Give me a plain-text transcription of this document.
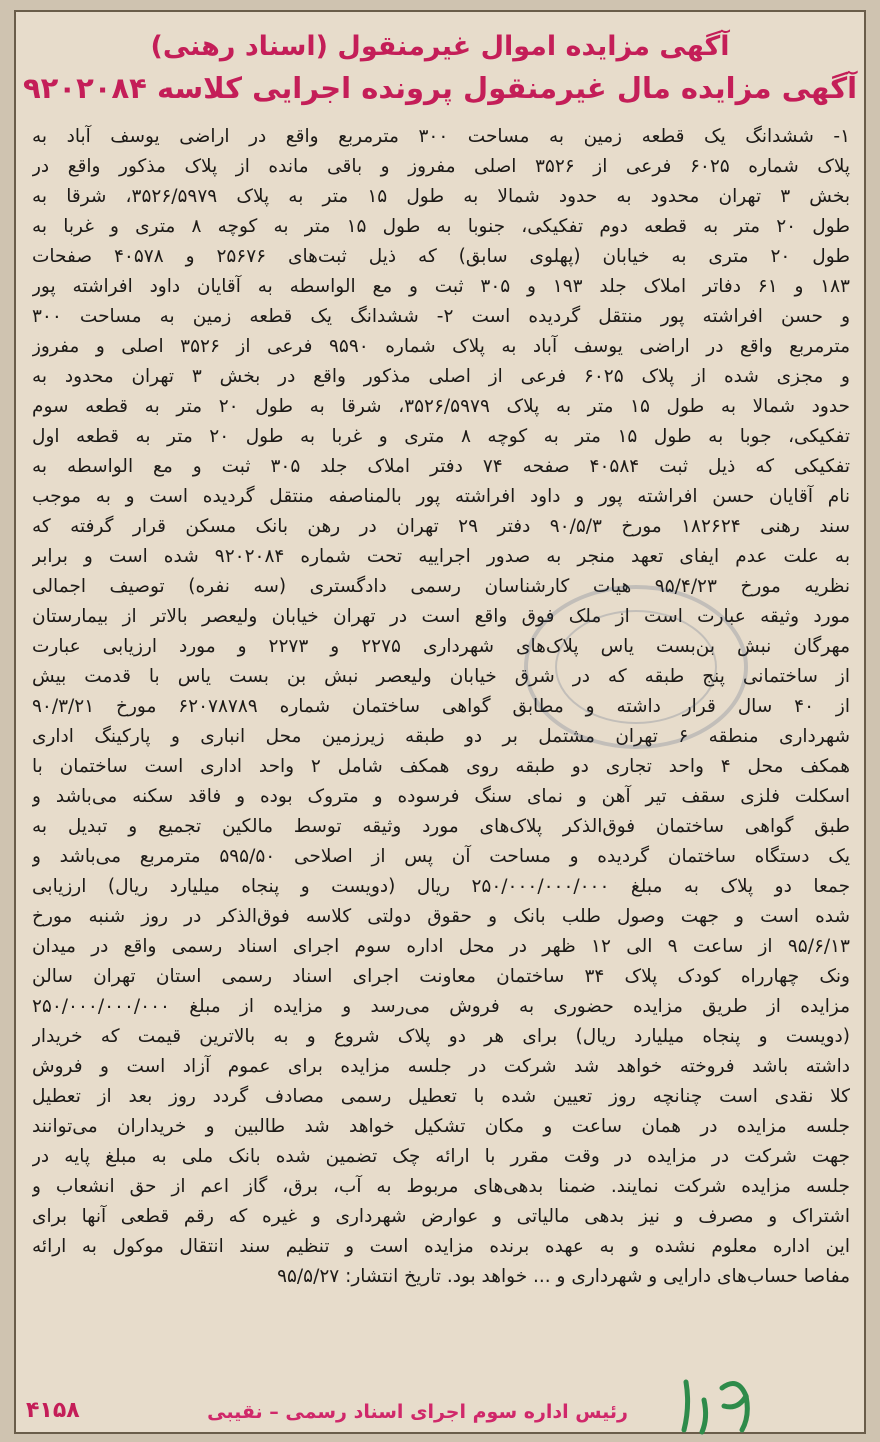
آگهی مزایده اموال غیرمنقول (اسناد رهنی)
آگهی مزایده مال غیرمنقول پرونده اجرایی کلاسه ۹۲۰۲۰۸۴
۱- ششدانگ یک قطعه زمین به مساحت ۳۰۰ مترمربع واقع در اراضی یوسف آباد به
پلاک شماره ۶۰۲۵ فرعی از ۳۵۲۶ اصلی مفروز و باقی مانده از پلاک مذکور واقع در
بخش ۳ تهران محدود به حدود شمالا به طول ۱۵ متر به پلاک ۳۵۲۶/۵۹۷۹، شرقا به
طول ۲۰ متر به قطعه دوم تفکیکی، جنوبا به طول ۱۵ متر به کوچه ۸ متری و غربا به
طول ۲۰ متری به خیابان (پهلوی سابق) که ذیل ثبت‌های ۲۵۶۷۶ و ۴۰۵۷۸ صفحات
۱۸۳ و ۶۱ دفاتر املاک جلد ۱۹۳ و ۳۰۵ ثبت و مع الواسطه به آقایان داود افراشته پور
و حسن افراشته پور منتقل گردیده است ۲- ششدانگ یک قطعه زمین به مساحت ۳۰۰
مترمربع واقع در اراضی یوسف آباد به پلاک شماره ۹۵۹۰ فرعی از ۳۵۲۶ اصلی و مفروز
و مجزی شده از پلاک ۶۰۲۵ فرعی از اصلی مذکور واقع در بخش ۳ تهران محدود به
حدود شمالا به طول ۱۵ متر به پلاک ۳۵۲۶/۵۹۷۹، شرقا به طول ۲۰ متر به قطعه سوم
تفکیکی، جوبا به طول ۱۵ متر به کوچه ۸ متری و غربا به طول ۲۰ متر به قطعه اول
تفکیکی که ذیل ثبت ۴۰۵۸۴ صفحه ۷۴ دفتر املاک جلد ۳۰۵ ثبت و مع الواسطه به
نام آقایان حسن افراشته پور و داود افراشته پور بالمناصفه منتقل گردیده است و به موجب
سند رهنی ۱۸۲۶۲۴ مورخ ۹۰/۵/۳ دفتر ۲۹ تهران در رهن بانک مسکن قرار گرفته که
به علت عدم ایفای تعهد منجر به صدور اجراییه تحت شماره ۹۲۰۲۰۸۴ شده است و برابر
نظریه مورخ ۹۵/۴/۲۳ هیات کارشناسان رسمی دادگستری (سه نفره) توصیف اجمالی
مورد وثیقه عبارت است از ملک فوق واقع است در تهران خیابان ولیعصر بالاتر از بیمارستان
مهرگان نبش بن‌بست یاس پلاک‌های شهرداری ۲۲۷۵ و ۲۲۷۳ و مورد ارزیابی عبارت
از ساختمانی پنج طبقه که در شرق خیابان ولیعصر نبش بن بست یاس با قدمت بیش
از ۴۰ سال قرار داشته و مطابق گواهی ساختمان شماره ۶۲۰۷۸۷۸۹ مورخ ۹۰/۳/۲۱
شهرداری منطقه ۶ تهران مشتمل بر دو طبقه زیرزمین محل انباری و پارکینگ اداری
همکف محل ۴ واحد تجاری دو طبقه روی همکف شامل ۲ واحد اداری است ساختمان با
اسکلت فلزی سقف تیر آهن و نمای سنگ فرسوده و متروک بوده و فاقد سکنه می‌باشد و
طبق گواهی ساختمان فوق‌الذکر پلاک‌های مورد وثیقه توسط مالکین تجمیع و تبدیل به
یک دستگاه ساختمان گردیده و مساحت آن پس از اصلاحی ۵۹۵/۵۰ مترمربع می‌باشد و
جمعا دو پلاک به مبلغ ۲۵۰/۰۰۰/۰۰۰/۰۰۰ ریال (دویست و پنجاه میلیارد ریال) ارزیابی
شده است و جهت وصول طلب بانک و حقوق دولتی کلاسه فوق‌الذکر در روز شنبه مورخ
۹۵/۶/۱۳ از ساعت ۹ الی ۱۲ ظهر در محل اداره سوم اجرای اسناد رسمی واقع در میدان
ونک چهارراه کودک پلاک ۳۴ ساختمان معاونت اجرای اسناد رسمی استان تهران سالن
مزایده از طریق مزایده حضوری به فروش می‌رسد و مزایده از مبلغ ۲۵۰/۰۰۰/۰۰۰/۰۰۰
(دویست و پنجاه میلیارد ریال) برای هر دو پلاک شروع و به بالاترین قیمت که خریدار
داشته باشد فروخته خواهد شد شرکت در جلسه مزایده برای عموم آزاد است و فروش
کلا نقدی است چنانچه روز تعیین شده با تعطیل رسمی مصادف گردد روز بعد از تعطیل
جلسه مزایده در همان ساعت و مکان تشکیل خواهد شد طالبین و خریداران می‌توانند
جهت شرکت در مزایده در وقت مقرر با ارائه چک تضمین شده بانک ملی به مبلغ پایه در
جلسه مزایده شرکت نمایند. ضمنا بدهی‌های مربوط به آب، برق، گاز اعم از حق انشعاب و
اشتراک و مصرف و نیز بدهی مالیاتی و عوارض شهرداری و غیره که رقم قطعی آنها برای
این اداره معلوم نشده و به عهده برنده مزایده است و تنظیم سند انتقال موکول به ارائه
مفاصا حساب‌های دارایی و شهرداری و ... خواهد بود. تاریخ انتشار: ۹۵/۵/۲۷
۴۱۵۸	رئیس اداره سوم اجرای اسناد رسمی – نقیبی
